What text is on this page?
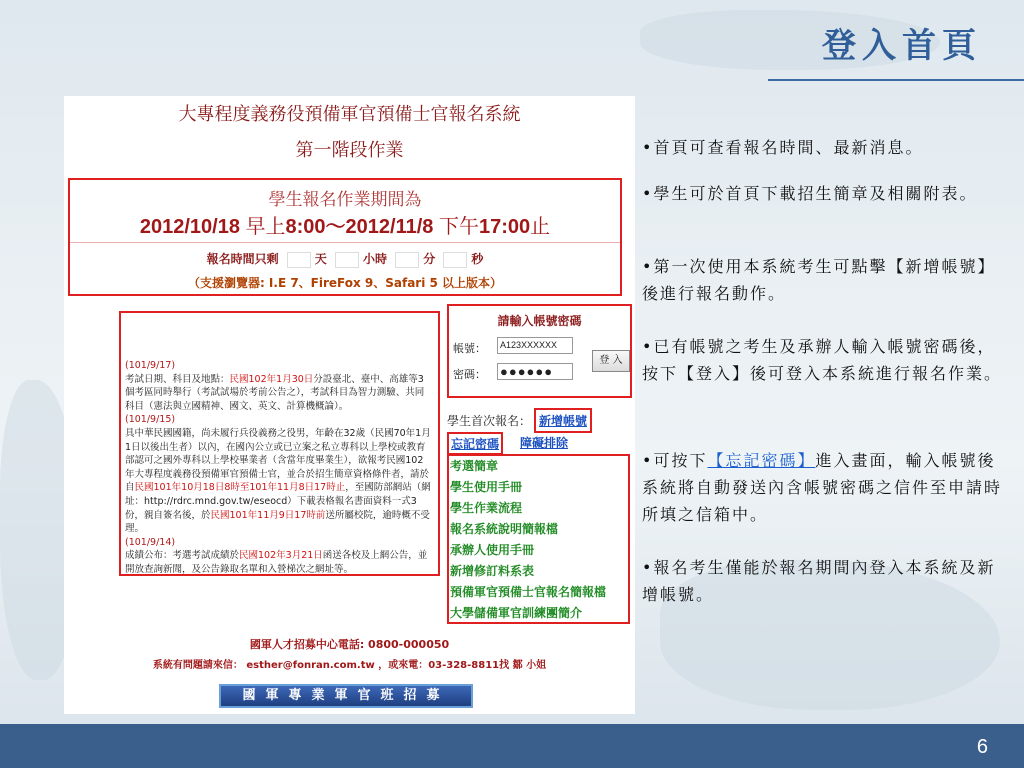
登入首頁
大專程度義務役預備軍官預備士官報名系統
第一階段作業
學生報名作業期間為
2012/10/18 早上8:00～2012/11/8 下午17:00止
報名時間只剩	天	小時	分	秒
（支援瀏覽器: I.E 7、FireFox 9、Safari 5 以上版本）
(101/9/17)
考試日期、科目及地點：民國102年1月30日分設臺北、臺中、高雄等3個考區同時舉行（考試試場於考前公告之），考試科目為智力測驗、共同科目（憲法與立國精神、國文、英文、計算機概論）。
(101/9/15)
具中華民國國籍，尚未履行兵役義務之役男，年齡在32歲（民國70年1月1日以後出生者）以內，在國內公立或已立案之私立專科以上學校或教育部認可之國外專科以上學校畢業者（含當年度畢業生），欲報考民國102年大專程度義務役預備軍官預備士官，並合於招生簡章資格條件者，請於自民國101年10月18日8時至101年11月8日17時止，至國防部網站（網址：http://rdrc.mnd.gov.tw/eseocd）下載表格報名書面資料一式3份，親自簽名後，於民國101年11月9日17時前送所屬校院，逾時概不受理。
(101/9/14)
成績公布：考選考試成績於民國102年3月21日函送各校及上網公告，並開放查詢新聞，及公告錄取名單和入營梯次之網址等。
請輸入帳號密碼
帳號：	A123XXXXXX
密碼： ●●●●●●
登 入
學生首次報名： 新增帳號
忘記密碼	障礙排除
考選簡章
學生使用手冊
學生作業流程
報名系統說明簡報檔
承辦人使用手冊
新增修訂料系表
預備軍官預備士官報名簡報檔
大學儲備軍官訓練團簡介
國軍人才招募中心電話: 0800-000050
系統有問題請來信： esther@fonran.com.tw ，或來電：03-328-8811找 鄒 小姐
國軍專業軍官班招募
•首頁可查看報名時間、最新消息。
•學生可於首頁下載招生簡章及相關附表。
•第一次使用本系統考生可點擊【新增帳號】後進行報名動作。
•已有帳號之考生及承辦人輸入帳號密碼後，按下【登入】後可登入本系統進行報名作業。
•可按下【忘記密碼】進入畫面，輸入帳號後系統將自動發送內含帳號密碼之信件至申請時所填之信箱中。
•報名考生僅能於報名期間內登入本系統及新增帳號。
6
